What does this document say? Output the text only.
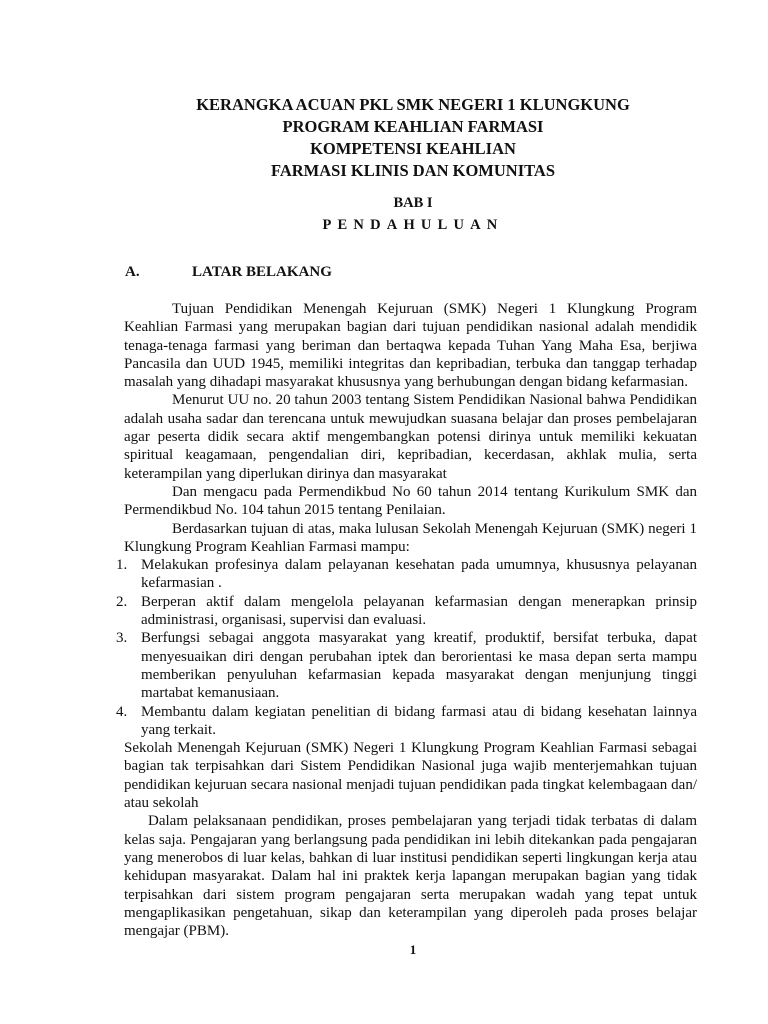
KERANGKA ACUAN PKL SMK NEGERI 1 KLUNGKUNG
PROGRAM KEAHLIAN FARMASI
KOMPETENSI KEAHLIAN
FARMASI KLINIS DAN KOMUNITAS
BAB I
PENDAHULUAN
A.	LATAR BELAKANG

Tujuan Pendidikan Menengah Kejuruan (SMK) Negeri 1 Klungkung Program Keahlian Farmasi yang merupakan bagian dari tujuan pendidikan nasional adalah mendidik tenaga-tenaga farmasi yang beriman dan bertaqwa kepada Tuhan Yang Maha Esa, berjiwa Pancasila dan UUD 1945, memiliki integritas dan kepribadian, terbuka dan tanggap terhadap masalah yang dihadapi masyarakat khususnya yang berhubungan dengan bidang kefarmasian.

Menurut UU no. 20 tahun 2003 tentang Sistem Pendidikan Nasional bahwa Pendidikan adalah usaha sadar dan terencana untuk mewujudkan suasana belajar dan proses pembelajaran agar peserta didik secara aktif mengembangkan potensi dirinya untuk memiliki kekuatan spiritual keagamaan, pengendalian diri, kepribadian, kecerdasan, akhlak mulia, serta keterampilan yang diperlukan dirinya dan masyarakat

Dan mengacu pada Permendikbud No 60 tahun 2014 tentang Kurikulum SMK dan Permendikbud No. 104 tahun 2015 tentang Penilaian.

Berdasarkan tujuan di atas, maka lulusan Sekolah Menengah Kejuruan (SMK) negeri 1 Klungkung Program Keahlian Farmasi mampu:

1. Melakukan profesinya dalam pelayanan kesehatan pada umumnya, khususnya pelayanan kefarmasian .
2. Berperan aktif dalam mengelola pelayanan kefarmasian dengan menerapkan prinsip administrasi, organisasi, supervisi dan evaluasi.
3. Berfungsi sebagai anggota masyarakat yang kreatif, produktif, bersifat terbuka, dapat menyesuaikan diri dengan perubahan iptek dan berorientasi ke masa depan serta mampu memberikan penyuluhan kefarmasian kepada masyarakat dengan menjunjung tinggi martabat kemanusiaan.
4. Membantu dalam kegiatan penelitian di bidang farmasi atau di bidang kesehatan lainnya yang terkait.

Sekolah Menengah Kejuruan (SMK) Negeri 1 Klungkung Program Keahlian Farmasi sebagai bagian tak terpisahkan dari Sistem Pendidikan Nasional juga wajib menterjemahkan tujuan pendidikan kejuruan secara nasional menjadi tujuan pendidikan pada tingkat kelembagaan dan/ atau sekolah

Dalam pelaksanaan pendidikan, proses pembelajaran yang terjadi tidak terbatas di dalam kelas saja. Pengajaran yang berlangsung pada pendidikan ini lebih ditekankan pada pengajaran yang menerobos di luar kelas, bahkan di luar institusi pendidikan seperti lingkungan kerja atau kehidupan masyarakat. Dalam hal ini praktek kerja lapangan merupakan bagian yang tidak terpisahkan dari sistem program pengajaran serta merupakan wadah yang tepat untuk mengaplikasikan pengetahuan, sikap dan keterampilan yang diperoleh pada proses belajar mengajar (PBM).

1
